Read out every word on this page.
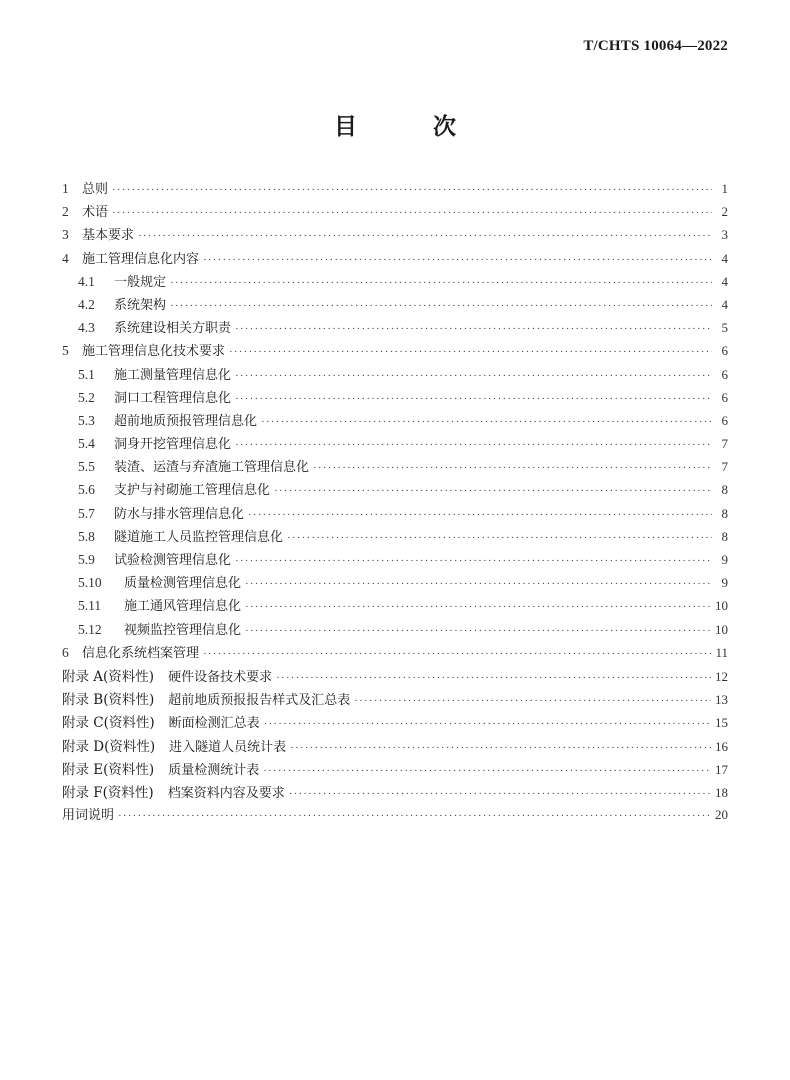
T/CHTS 10064—2022
目 次
1	总则 ·····	1
2	术语 ·····	2
3	基本要求 ·····	3
4	施工管理信息化内容 ·····	4
4.1	一般规定 ·····	4
4.2	系统架构 ·····	4
4.3	系统建设相关方职责 ·····	5
5	施工管理信息化技术要求 ·····	6
5.1	施工测量管理信息化 ·····	6
5.2	洞口工程管理信息化 ·····	6
5.3	超前地质预报管理信息化 ·····	6
5.4	洞身开挖管理信息化 ·····	7
5.5	装渣、运渣与弃渣施工管理信息化 ·····	7
5.6	支护与衬砌施工管理信息化 ·····	8
5.7	防水与排水管理信息化 ·····	8
5.8	隧道施工人员监控管理信息化 ·····	8
5.9	试验检测管理信息化 ·····	9
5.10	质量检测管理信息化 ·····	9
5.11	施工通风管理信息化 ·····	10
5.12	视频监控管理信息化 ·····	10
6	信息化系统档案管理 ·····	11
附录 A(资料性) 硬件设备技术要求 ·····	12
附录 B(资料性) 超前地质预报报告样式及汇总表 ·····	13
附录 C(资料性) 断面检测汇总表 ·····	15
附录 D(资料性) 进入隧道人员统计表 ·····	16
附录 E(资料性) 质量检测统计表 ·····	17
附录 F(资料性) 档案资料内容及要求 ·····	18
用词说明 ·····	20
